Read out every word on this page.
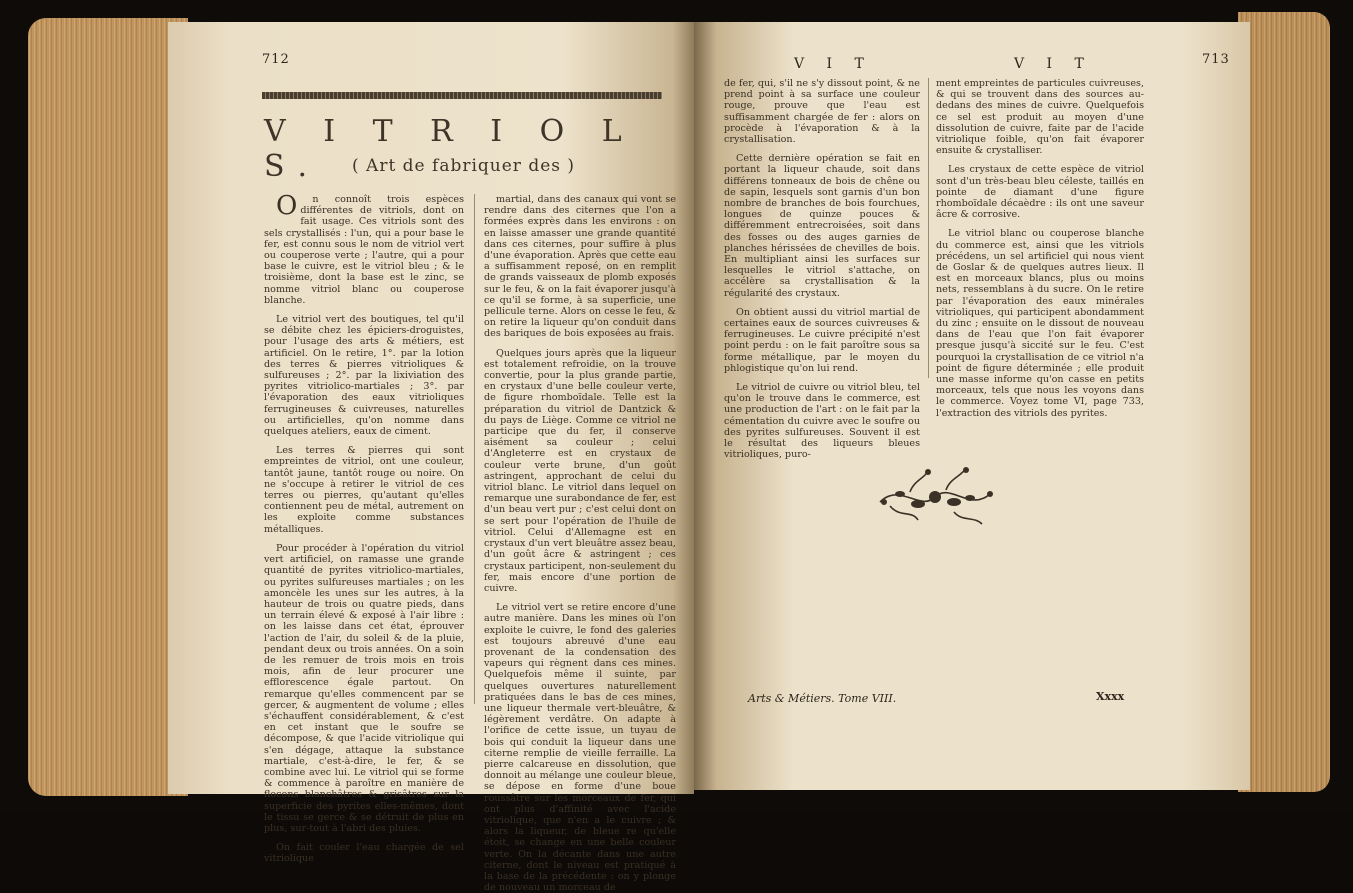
712
V I T R I O L S.	( Art de fabriquer des )

O n connoît trois espèces différentes de vitriols, dont on fait usage. Ces vitriols sont des sels crystallisés : l'un, qui a pour base le fer, est connu sous le nom de vitriol vert ou couperose verte ; l'autre, qui a pour base le cuivre, est le vitriol bleu ; & le troisième, dont la base est le zinc, se nomme vitriol blanc ou couperose blanche.

Le vitriol vert des boutiques, tel qu'il se débite chez les épiciers-droguistes, pour l'usage des arts & métiers, est artificiel. On le retire, 1°. par la lotion des terres & pierres vitrioliques & sulfureuses ; 2°. par la lixiviation des pyrites vitriolico-martiales ; 3°. par l'évaporation des eaux vitrioliques ferrugineuses & cuivreuses, naturelles ou artificielles, qu'on nomme dans quelques ateliers, eaux de ciment.

Les terres & pierres qui sont empreintes de vitriol, ont une couleur, tantôt jaune, tantôt rouge ou noire. On ne s'occupe à retirer le vitriol de ces terres ou pierres, qu'autant qu'elles contiennent peu de métal, autrement on les exploite comme substances métalliques.

Pour procéder à l'opération du vitriol vert artificiel, on ramasse une grande quantité de pyrites vitriolico-martiales, ou pyrites sulfureuses martiales ; on les amoncèle les unes sur les autres, à la hauteur de trois ou quatre pieds, dans un terrain élevé & exposé à l'air libre : on les laisse dans cet état, éprouver l'action de l'air, du soleil & de la pluie, pendant deux ou trois années. On a soin de les remuer de trois mois en trois mois, afin de leur procurer une efflorescence égale partout. On remarque qu'elles commencent par se gercer, & augmentent de volume ; elles s'échauffent considérablement, & c'est en cet instant que le soufre se décompose, & que l'acide vitriolique qui s'en dégage, attaque la substance martiale, c'est-à-dire, le fer, & se combine avec lui. Le vitriol qui se forme & commence à paroître en manière de flocons blanchâtres & grisâtres sur la superficie des pyrites elles-mêmes, dont le tissu se gerce & se détruit de plus en plus, sur-tout à l'abri des pluies.

On fait couler l'eau chargée de sel vitriolique

martial, dans des canaux qui vont se rendre dans des citernes que l'on a formées exprès dans les environs : on en laisse amasser une grande quantité dans ces citernes, pour suffire à plus d'une évaporation. Après que cette eau a suffisamment reposé, on en remplit de grands vaisseaux de plomb exposés sur le feu, & on la fait évaporer jusqu'à ce qu'il se forme, à sa superficie, une pellicule terne. Alors on cesse le feu, & on retire la liqueur qu'on conduit dans des bariques de bois exposées au frais.

Quelques jours après que la liqueur est totalement refroidie, on la trouve convertie, pour la plus grande partie, en crystaux d'une belle couleur verte, de figure rhomboïdale. Telle est la préparation du vitriol de Dantzick & du pays de Liège. Comme ce vitriol ne participe que du fer, il conserve aisément sa couleur ; celui d'Angleterre est en crystaux de couleur verte brune, d'un goût astringent, approchant de celui du vitriol blanc. Le vitriol dans lequel on remarque une surabondance de fer, est d'un beau vert pur ; c'est celui dont on se sert pour l'opération de l'huile de vitriol. Celui d'Allemagne est en crystaux d'un vert bleuâtre assez beau, d'un goût âcre & astringent ; ces crystaux participent, non-seulement du fer, mais encore d'une portion de cuivre.

Le vitriol vert se retire encore d'une autre manière. Dans les mines où l'on exploite le cuivre, le fond des galeries est toujours abreuvé d'une eau provenant de la condensation des vapeurs qui règnent dans ces mines. Quelquefois même il suinte, par quelques ouvertures naturellement pratiquées dans le bas de ces mines, une liqueur thermale vert-bleuâtre, & légèrement verdâtre. On adapte à l'orifice de cette issue, un tuyau de bois qui conduit la liqueur dans une citerne remplie de vieille ferraille. La pierre calcareuse en dissolution, que donnoit au mélange une couleur bleue, se dépose en forme d'une boue roussâtre sur les morceaux de fer, qui ont plus d'affinité avec l'acide vitriolique, que n'en a le cuivre ; & alors la liqueur, de bleue re qu'elle étoit, se change en une belle couleur verte. On la décante dans une autre citerne, dont le niveau est pratiqué à la base de la précédente : on y plonge de nouveau un morceau de

V I T	V I T	713

de fer, qui, s'il ne s'y dissout point, & ne prend point à sa surface une couleur rouge, prouve que l'eau est suffisamment chargée de fer : alors on procède à l'évaporation & à la crystallisation.

Cette dernière opération se fait en portant la liqueur chaude, soit dans différens tonneaux de bois de chêne ou de sapin, lesquels sont garnis d'un bon nombre de branches de bois fourchues, longues de quinze pouces & différemment entrecroisées, soit dans des fosses ou des auges garnies de planches hérissées de chevilles de bois. En multipliant ainsi les surfaces sur lesquelles le vitriol s'attache, on accélère sa crystallisation & la régularité des crystaux.

On obtient aussi du vitriol martial de certaines eaux de sources cuivreuses & ferrugineuses. Le cuivre précipité n'est point perdu : on le fait paroître sous sa forme métallique, par le moyen du phlogistique qu'on lui rend.

Le vitriol de cuivre ou vitriol bleu, tel qu'on le trouve dans le commerce, est une production de l'art : on le fait par la cémentation du cuivre avec le soufre ou des pyrites sulfureuses. Souvent il est le résultat des liqueurs bleues vitrioliques, puro-

ment empreintes de particules cuivreuses, & qui se trouvent dans des sources au-dedans des mines de cuivre. Quelquefois ce sel est produit au moyen d'une dissolution de cuivre, faite par de l'acide vitriolique foible, qu'on fait évaporer ensuite & crystalliser.

Les crystaux de cette espèce de vitriol sont d'un très-beau bleu céleste, taillés en pointe de diamant d'une figure rhomboïdale décaèdre : ils ont une saveur âcre & corrosive.

Le vitriol blanc ou couperose blanche du commerce est, ainsi que les vitriols précédens, un sel artificiel qui nous vient de Goslar & de quelques autres lieux. Il est en morceaux blancs, plus ou moins nets, ressemblans à du sucre. On le retire par l'évaporation des eaux minérales vitrioliques, qui participent abondamment du zinc ; ensuite on le dissout de nouveau dans de l'eau que l'on fait évaporer presque jusqu'à siccité sur le feu. C'est pourquoi la crystallisation de ce vitriol n'a point de figure déterminée ; elle produit une masse informe qu'on casse en petits morceaux, tels que nous les voyons dans le commerce. Voyez tome VI, page 733, l'extraction des vitriols des pyrites.

Arts & Métiers. Tome VIII.	Xxxx
